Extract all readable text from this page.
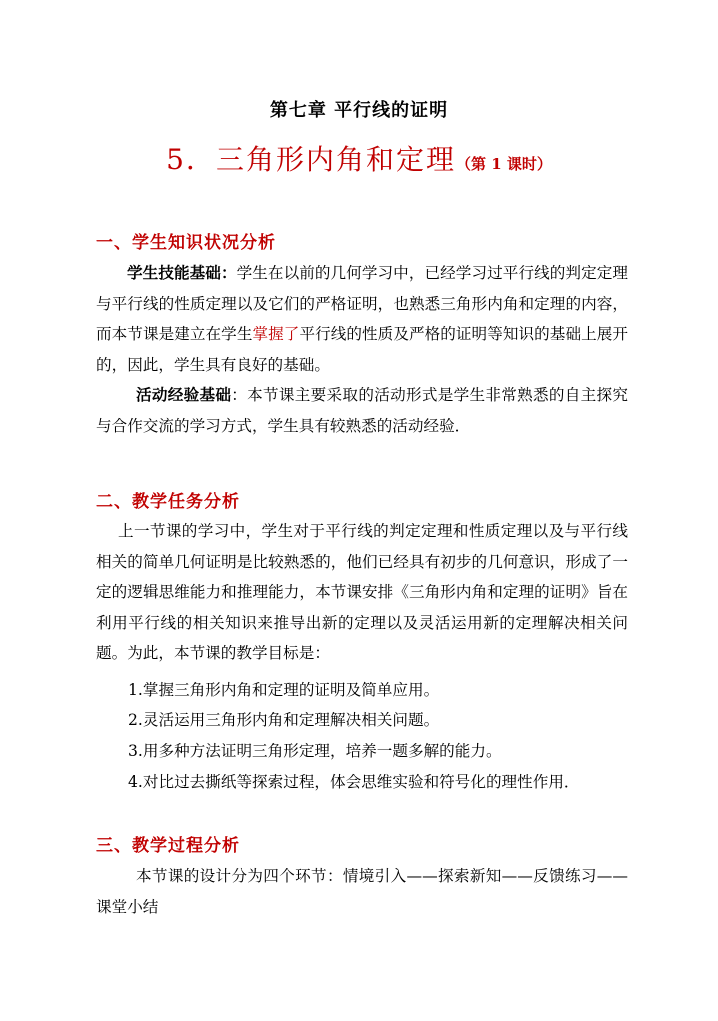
第七章 平行线的证明
5．三角形内角和定理（第 1 课时）
一、学生知识状况分析
学生技能基础：学生在以前的几何学习中，已经学习过平行线的判定定理与平行线的性质定理以及它们的严格证明，也熟悉三角形内角和定理的内容，而本节课是建立在学生掌握了平行线的性质及严格的证明等知识的基础上展开的，因此，学生具有良好的基础。
活动经验基础：本节课主要采取的活动形式是学生非常熟悉的自主探究与合作交流的学习方式，学生具有较熟悉的活动经验．
二、教学任务分析
上一节课的学习中，学生对于平行线的判定定理和性质定理以及与平行线相关的简单几何证明是比较熟悉的，他们已经具有初步的几何意识，形成了一定的逻辑思维能力和推理能力，本节课安排《三角形内角和定理的证明》旨在利用平行线的相关知识来推导出新的定理以及灵活运用新的定理解决相关问题。为此，本节课的教学目标是：
1.掌握三角形内角和定理的证明及简单应用。
2.灵活运用三角形内角和定理解决相关问题。
3.用多种方法证明三角形定理，培养一题多解的能力。
4.对比过去撕纸等探索过程，体会思维实验和符号化的理性作用．
三、教学过程分析
本节课的设计分为四个环节：情境引入——探索新知——反馈练习——课堂小结
